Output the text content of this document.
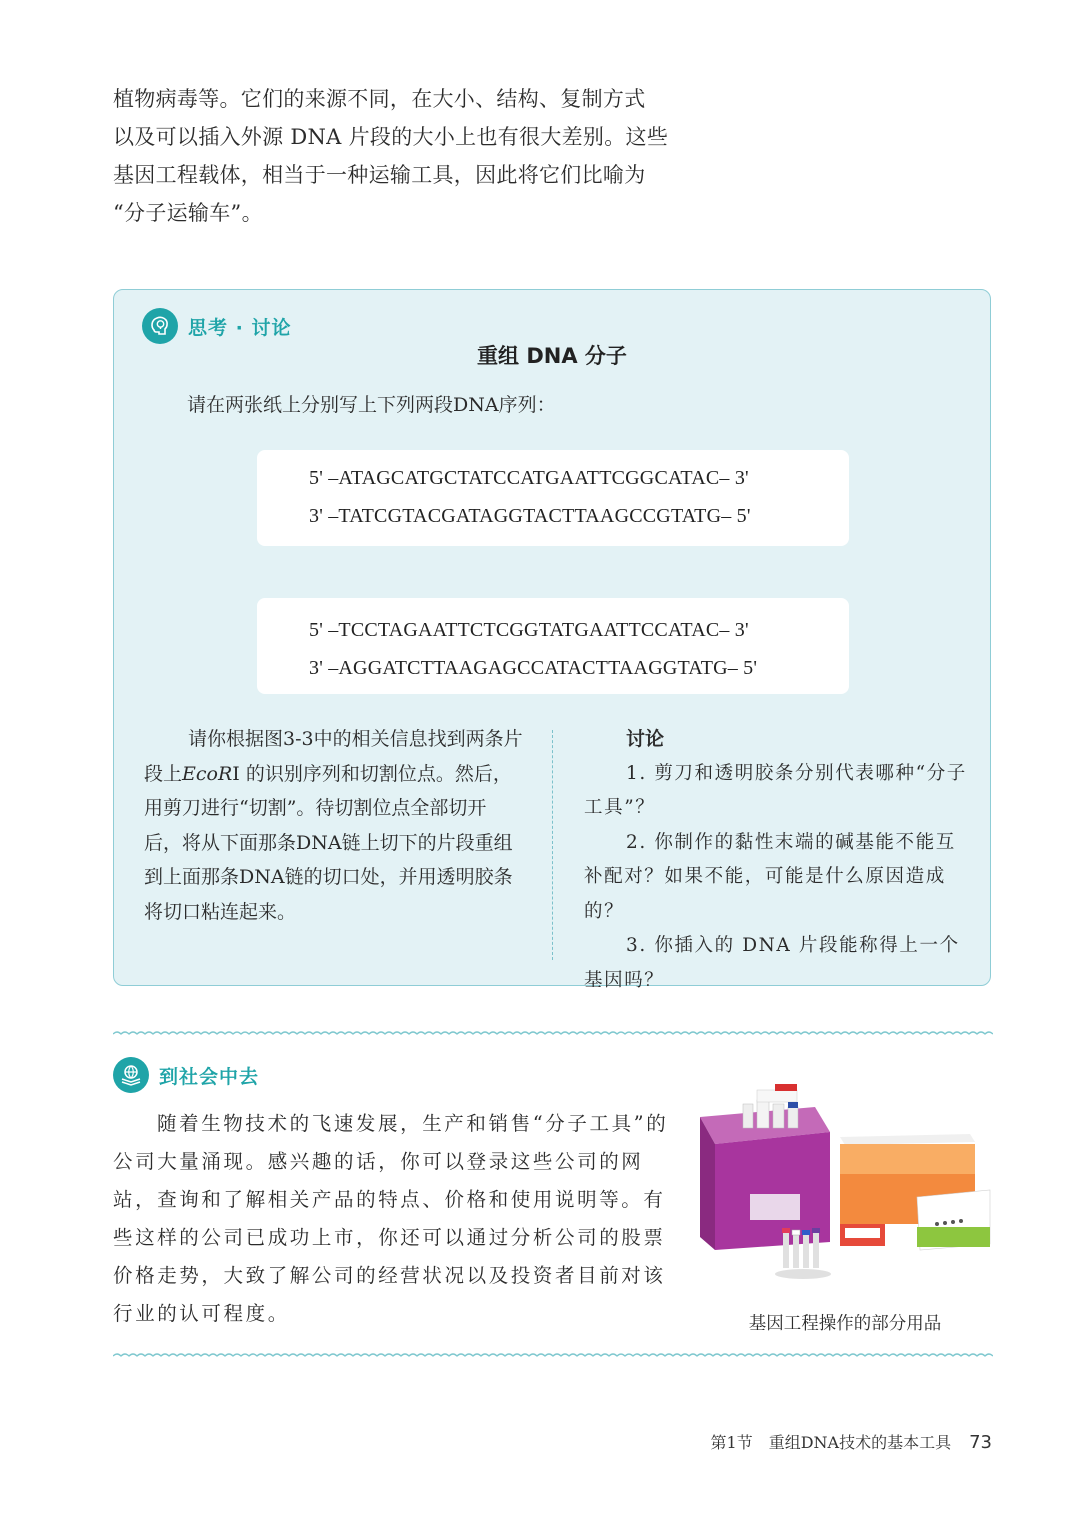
植物病毒等。它们的来源不同，在大小、结构、复制方式

以及可以插入外源 DNA 片段的大小上也有很大差别。这些

基因工程载体，相当于一种运输工具，因此将它们比喻为

“分子运输车”。

思考 · 讨论
重组 DNA 分子
请在两张纸上分别写上下列两段DNA序列：
5' –ATAGCATGCTATCCATGAATTCGGCATAC– 3'
3' –TATCGTACGATAGGTACTTAAGCCGTATG– 5'
5' –TCCTAGAATTCTCGGTATGAATTCCATAC– 3'
3' –AGGATCTTAAGAGCCATACTTAAGGTATG– 5'

请你根据图3-3中的相关信息找到两条片段上EcoRI 的识别序列和切割位点。然后，用剪刀进行“切割”。待切割位点全部切开后，将从下面那条DNA链上切下的片段重组到上面那条DNA链的切口处，并用透明胶条将切口粘连起来。

讨论

1. 剪刀和透明胶条分别代表哪种“分子工具”？

2. 你制作的黏性末端的碱基能不能互补配对？如果不能，可能是什么原因造成的？

3. 你插入的 DNA 片段能称得上一个基因吗？

到社会中去

随着生物技术的飞速发展，生产和销售“分子工具”的公司大量涌现。感兴趣的话，你可以登录这些公司的网站，查询和了解相关产品的特点、价格和使用说明等。有些这样的公司已成功上市，你还可以通过分析公司的股票价格走势，大致了解公司的经营状况以及投资者目前对该行业的认可程度。	基因工程操作的部分用品
第1节　重组DNA技术的基本工具 73
